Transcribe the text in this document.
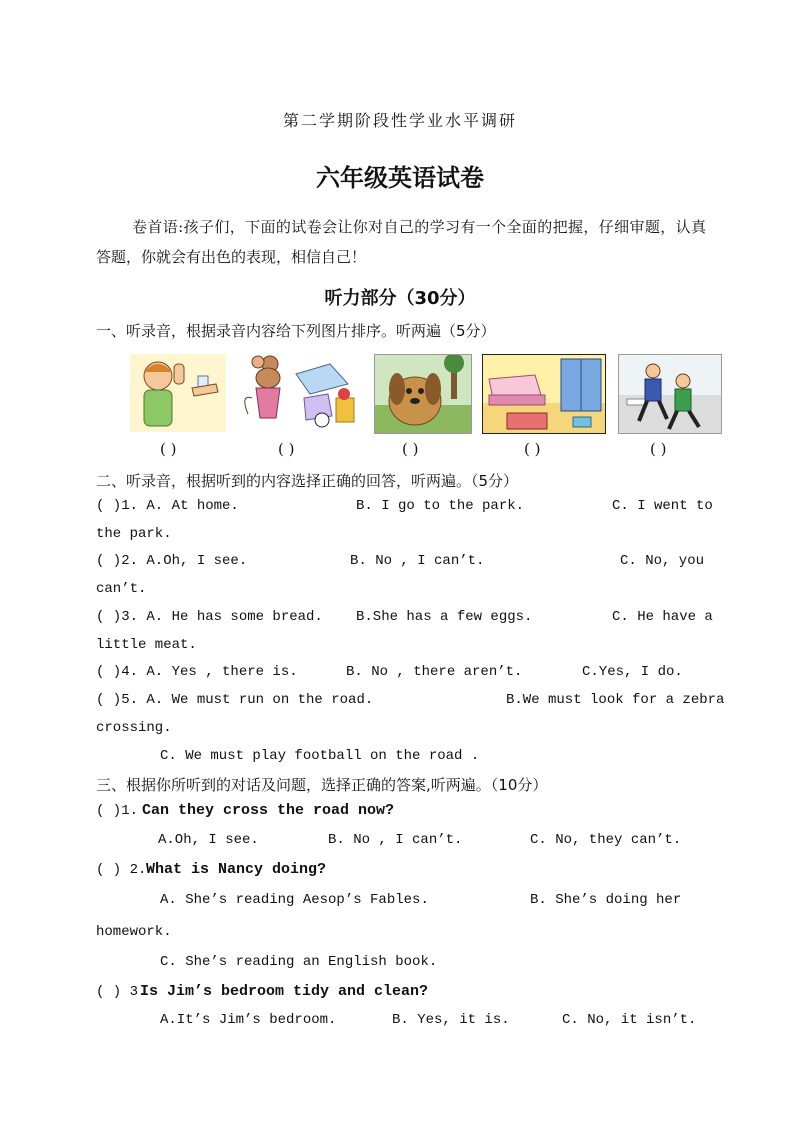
第二学期阶段性学业水平调研
六年级英语试卷
卷首语:孩子们，下面的试卷会让你对自己的学习有一个全面的把握，仔细审题，认真答题，你就会有出色的表现，相信自己！
听力部分（30分）
一、听录音，根据录音内容给下列图片排序。听两遍（5分）
( )	( )	( )	( )	( )
二、听录音，根据听到的内容选择正确的回答，听两遍。（5分）
( )1. A. At home.	B. I go to the park.	C. I went to
the park.
( )2. A.Oh, I see.	B. No , I can’t.	C. No, you
can’t.
( )3. A. He has some bread. B.She has a few eggs.	C. He have a
little meat.
( )4. A. Yes , there is.	B. No , there aren’t.	C.Yes, I do.
( )5. A. We must run on the road.	B.We must look for a zebra
crossing.
C. We must play football on the road .
三、根据你所听到的对话及问题，选择正确的答案,听两遍。（10分）
( )1. Can they cross the road now?
A.Oh, I see.	B. No , I can’t.	C. No, they can’t.
( ) 2. What is Nancy doing?
A. She’s reading Aesop’s Fables.	B. She’s doing her
homework.
C. She’s reading an English book.
( ) 3.
Is Jim’s bedroom tidy and clean?
A.It’s Jim’s bedroom.	B. Yes, it is.	C. No, it isn’t.
